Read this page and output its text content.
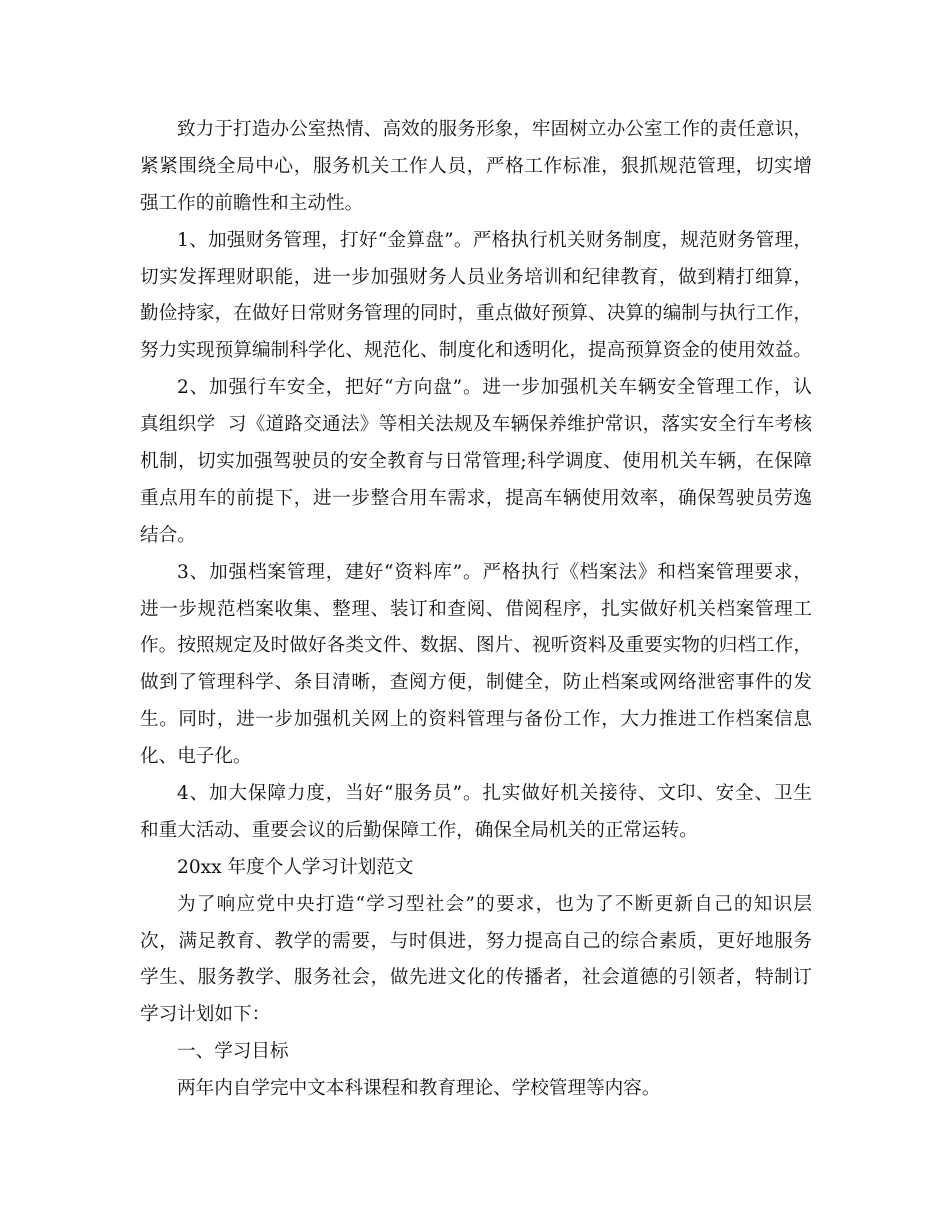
致力于打造办公室热情、高效的服务形象，牢固树立办公室工作的责任意识，
紧紧围绕全局中心，服务机关工作人员，严格工作标准，狠抓规范管理，切实增
强工作的前瞻性和主动性。
1、加强财务管理，打好“金算盘”。严格执行机关财务制度，规范财务管理，
切实发挥理财职能，进一步加强财务人员业务培训和纪律教育，做到精打细算，
勤俭持家，在做好日常财务管理的同时，重点做好预算、决算的编制与执行工作，
努力实现预算编制科学化、规范化、制度化和透明化，提高预算资金的使用效益。
2、加强行车安全，把好“方向盘”。进一步加强机关车辆安全管理工作，认
真组织学  习《道路交通法》等相关法规及车辆保养维护常识，落实安全行车考核
机制，切实加强驾驶员的安全教育与日常管理;科学调度、使用机关车辆，在保障
重点用车的前提下，进一步整合用车需求，提高车辆使用效率，确保驾驶员劳逸
结合。
3、加强档案管理，建好“资料库”。严格执行《档案法》和档案管理要求，
进一步规范档案收集、整理、装订和查阅、借阅程序，扎实做好机关档案管理工
作。按照规定及时做好各类文件、数据、图片、视听资料及重要实物的归档工作，
做到了管理科学、条目清晰，查阅方便，制健全，防止档案或网络泄密事件的发
生。同时，进一步加强机关网上的资料管理与备份工作，大力推进工作档案信息
化、电子化。
4、加大保障力度，当好“服务员”。扎实做好机关接待、文印、安全、卫生
和重大活动、重要会议的后勤保障工作，确保全局机关的正常运转。
20xx 年度个人学习计划范文
为了响应党中央打造“学习型社会”的要求，也为了不断更新自己的知识层
次，满足教育、教学的需要，与时俱进，努力提高自己的综合素质，更好地服务
学生、服务教学、服务社会，做先进文化的传播者，社会道德的引领者，特制订
学习计划如下：
一、学习目标
两年内自学完中文本科课程和教育理论、学校管理等内容。
